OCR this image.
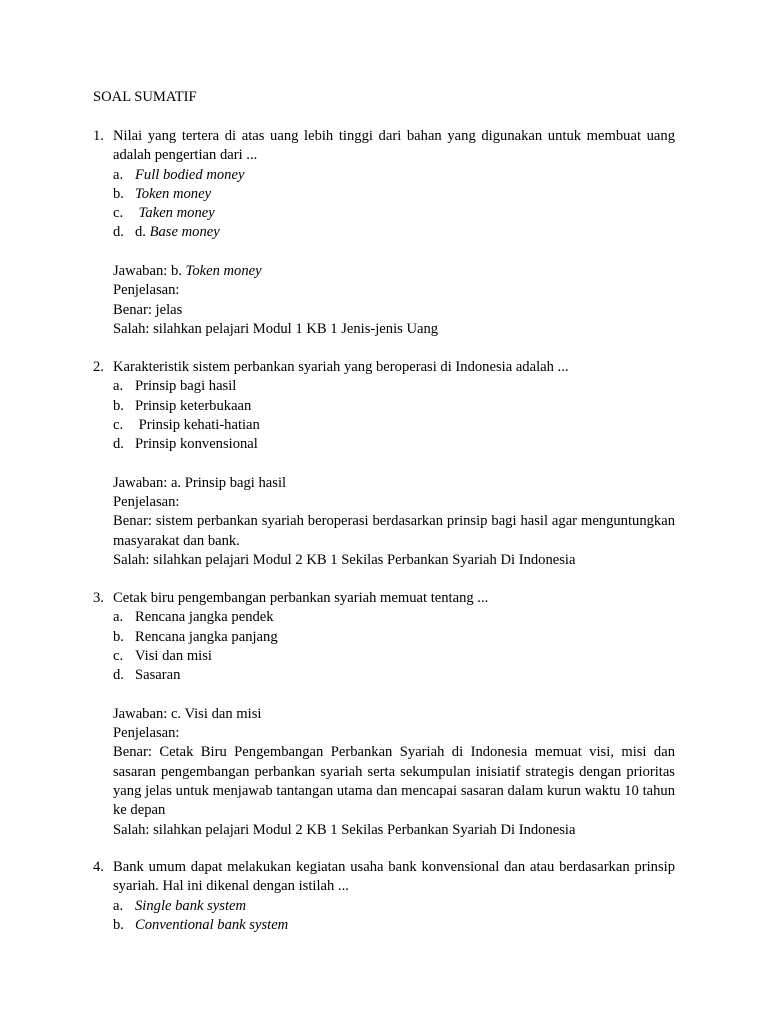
SOAL SUMATIF
1. Nilai yang tertera di atas uang lebih tinggi dari bahan yang digunakan untuk membuat uang adalah pengertian dari ...
a. Full bodied money
b. Token money
c. Taken money
d. d. Base money
Jawaban: b. Token money
Penjelasan:
Benar: jelas
Salah: silahkan pelajari Modul 1 KB 1 Jenis-jenis Uang
2. Karakteristik sistem perbankan syariah yang beroperasi di Indonesia adalah ...
a. Prinsip bagi hasil
b. Prinsip keterbukaan
c. Prinsip kehati-hatian
d. Prinsip konvensional
Jawaban: a. Prinsip bagi hasil
Penjelasan:
Benar: sistem perbankan syariah beroperasi berdasarkan prinsip bagi hasil agar menguntungkan masyarakat dan bank.
Salah: silahkan pelajari Modul 2 KB 1 Sekilas Perbankan Syariah Di Indonesia
3. Cetak biru pengembangan perbankan syariah memuat tentang ...
a. Rencana jangka pendek
b. Rencana jangka panjang
c. Visi dan misi
d. Sasaran
Jawaban: c. Visi dan misi
Penjelasan:
Benar: Cetak Biru Pengembangan Perbankan Syariah di Indonesia memuat visi, misi dan sasaran pengembangan perbankan syariah serta sekumpulan inisiatif strategis dengan prioritas yang jelas untuk menjawab tantangan utama dan mencapai sasaran dalam kurun waktu 10 tahun ke depan
Salah: silahkan pelajari Modul 2 KB 1 Sekilas Perbankan Syariah Di Indonesia
4. Bank umum dapat melakukan kegiatan usaha bank konvensional dan atau berdasarkan prinsip syariah. Hal ini dikenal dengan istilah ...
a. Single bank system
b. Conventional bank system
